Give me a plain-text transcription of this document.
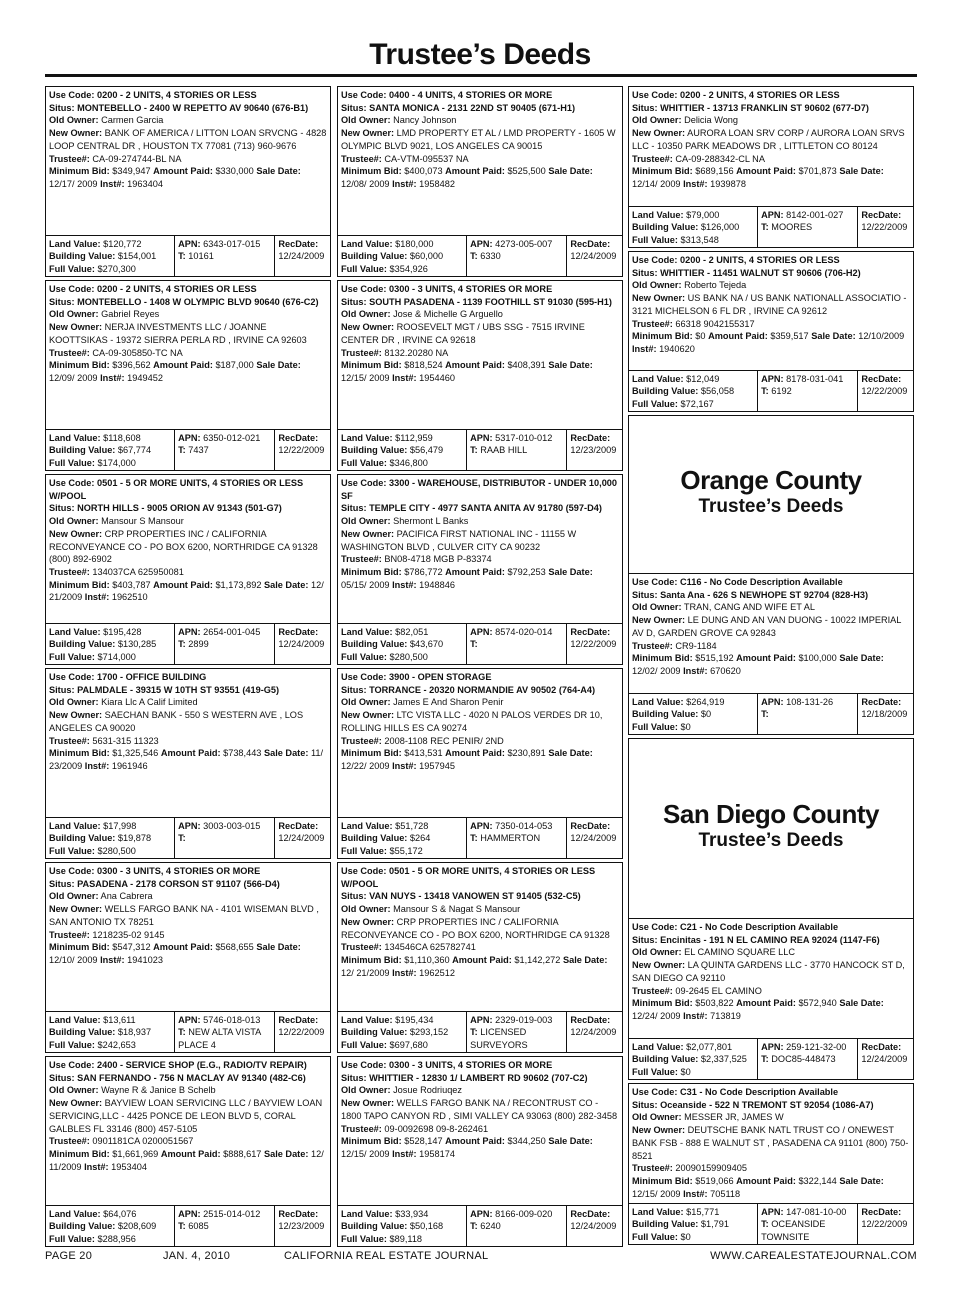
Trustee’s Deeds
Use Code: 0200 - 2 UNITS, 4 STORIES OR LESS
Situs: MONTEBELLO - 2400 W REPETTO AV 90640 (676-B1)
Old Owner: Carmen Garcia
New Owner: BANK OF AMERICA / LITTON LOAN SRVCNG - 4828 LOOP CENTRAL DR , HOUSTON TX 77081 (713) 960-9676
Trustee#: CA-09-274744-BL NA
Minimum Bid: $349,947 Amount Paid: $330,000 Sale Date: 12/17/ 2009 Inst#: 1963404
Land Value: $120,772
Building Value: $154,001
Full Value: $270,300
APN: 6343-017-015
T: 10161
RecDate:
12/24/2009
Use Code: 0200 - 2 UNITS, 4 STORIES OR LESS
Situs: MONTEBELLO - 1408 W OLYMPIC BLVD 90640 (676-C2)
Old Owner: Gabriel Reyes
New Owner: NERJA INVESTMENTS LLC / JOANNE KOOTTSIKAS - 19372 SIERRA PERLA RD , IRVINE CA 92603
Trustee#: CA-09-305850-TC NA
Minimum Bid: $396,562 Amount Paid: $187,000 Sale Date: 12/09/ 2009 Inst#: 1949452
Land Value: $118,608
Building Value: $67,774
Full Value: $174,000
APN: 6350-012-021
T: 7437
RecDate:
12/22/2009
Use Code: 0501 - 5 OR MORE UNITS, 4 STORIES OR LESS W/POOL
Situs: NORTH HILLS - 9005 ORION AV 91343 (501-G7)
Old Owner: Mansour S Mansour
New Owner: CRP PROPERTIES INC / CALIFORNIA RECONVEYANCE CO - PO BOX 6200, NORTHRIDGE CA 91328 (800) 892-6902
Trustee#: 134037CA 625950081
Minimum Bid: $403,787 Amount Paid: $1,173,892 Sale Date: 12/ 21/2009 Inst#: 1962510
Land Value: $195,428
Building Value: $130,285
Full Value: $714,000
APN: 2654-001-045
T: 2899
RecDate:
12/24/2009
Use Code: 1700 - OFFICE BUILDING
Situs: PALMDALE - 39315 W 10TH ST 93551 (419-G5)
Old Owner: Kiara Llc A Calif Limited
New Owner: SAECHAN BANK - 550 S WESTERN AVE , LOS ANGELES CA 90020
Trustee#: 5631-315 11323
Minimum Bid: $1,325,546 Amount Paid: $738,443 Sale Date: 11/ 23/2009 Inst#: 1961946
Land Value: $17,998
Building Value: $19,878
Full Value: $280,500
APN: 3003-003-015
T:
RecDate:
12/24/2009
Use Code: 0300 - 3 UNITS, 4 STORIES OR MORE
Situs: PASADENA - 2178 CORSON ST 91107 (566-D4)
Old Owner: Ana Cabrera
New Owner: WELLS FARGO BANK NA - 4101 WISEMAN BLVD , SAN ANTONIO TX 78251
Trustee#: 1218235-02 9145
Minimum Bid: $547,312 Amount Paid: $568,655 Sale Date: 12/10/ 2009 Inst#: 1941023
Land Value: $13,611
Building Value: $18,937
Full Value: $242,653
APN: 5746-018-013
T: NEW ALTA VISTA PLACE 4
RecDate:
12/22/2009
Use Code: 2400 - SERVICE SHOP (E.G., RADIO/TV REPAIR)
Situs: SAN FERNANDO - 756 N MACLAY AV 91340 (482-C6)
Old Owner: Wayne R & Janice B Schelb
New Owner: BAYVIEW LOAN SERVICING LLC / BAYVIEW LOAN SERVICING,LLC - 4425 PONCE DE LEON BLVD 5, CORAL GALBLES FL 33146 (800) 457-5105
Trustee#: 0901181CA 0200051567
Minimum Bid: $1,661,969 Amount Paid: $888,617 Sale Date: 12/ 11/2009 Inst#: 1953404
Land Value: $64,076
Building Value: $208,609
Full Value: $288,956
APN: 2515-014-012
T: 6085
RecDate:
12/23/2009
Use Code: 0400 - 4 UNITS, 4 STORIES OR MORE
Situs: SANTA MONICA - 2131 22ND ST 90405 (671-H1)
Old Owner: Nancy Johnson
New Owner: LMD PROPERTY ET AL / LMD PROPERTY - 1605 W OLYMPIC BLVD 9021, LOS ANGELES CA 90015
Trustee#: CA-VTM-095537 NA
Minimum Bid: $400,073 Amount Paid: $525,500 Sale Date: 12/08/ 2009 Inst#: 1958482
Land Value: $180,000
Building Value: $60,000
Full Value: $354,926
APN: 4273-005-007
T: 6330
RecDate:
12/24/2009
Use Code: 0300 - 3 UNITS, 4 STORIES OR MORE
Situs: SOUTH PASADENA - 1139 FOOTHILL ST 91030 (595-H1)
Old Owner: Jose & Michelle G Arguello
New Owner: ROOSEVELT MGT / UBS SSG - 7515 IRVINE CENTER DR , IRVINE CA 92618
Trustee#: 8132.20280 NA
Minimum Bid: $818,524 Amount Paid: $408,391 Sale Date: 12/15/ 2009 Inst#: 1954460
Land Value: $112,959
Building Value: $56,479
Full Value: $346,800
APN: 5317-010-012
T: RAAB HILL
RecDate:
12/23/2009
Use Code: 3300 - WAREHOUSE, DISTRIBUTOR - UNDER 10,000 SF
Situs: TEMPLE CITY - 4977 SANTA ANITA AV 91780 (597-D4)
Old Owner: Shermont L Banks
New Owner: PACIFICA FIRST NATIONAL INC - 11155 W WASHINGTON BLVD , CULVER CITY CA 90232
Trustee#: BN08-4718 MGB P-83374
Minimum Bid: $786,772 Amount Paid: $792,253 Sale Date: 05/15/ 2009 Inst#: 1948846
Land Value: $82,051
Building Value: $43,670
Full Value: $280,500
APN: 8574-020-014
T:
RecDate:
12/22/2009
Use Code: 3900 - OPEN STORAGE
Situs: TORRANCE - 20320 NORMANDIE AV 90502 (764-A4)
Old Owner: James E And Sharon Penir
New Owner: LTC VISTA LLC - 4020 N PALOS VERDES DR 10, ROLLING HILLS ES CA 90274
Trustee#: 2008-1108 REC PENIR/ 2ND
Minimum Bid: $413,531 Amount Paid: $230,891 Sale Date: 12/22/ 2009 Inst#: 1957945
Land Value: $51,728
Building Value: $264
Full Value: $55,172
APN: 7350-014-053
T: HAMMERTON
RecDate:
12/24/2009
Use Code: 0501 - 5 OR MORE UNITS, 4 STORIES OR LESS W/POOL
Situs: VAN NUYS - 13418 VANOWEN ST 91405 (532-C5)
Old Owner: Mansour S & Nagat S Mansour
New Owner: CRP PROPERTIES INC / CALIFORNIA RECONVEYANCE CO - PO BOX 6200, NORTHRIDGE CA 91328
Trustee#: 134546CA 625782741
Minimum Bid: $1,110,360 Amount Paid: $1,142,272 Sale Date: 12/ 21/2009 Inst#: 1962512
Land Value: $195,434
Building Value: $293,152
Full Value: $697,680
APN: 2329-019-003
T: LICENSED SURVEYORS
RecDate:
12/24/2009
Use Code: 0300 - 3 UNITS, 4 STORIES OR MORE
Situs: WHITTIER - 12830 1/ LAMBERT RD 90602 (707-C2)
Old Owner: Josue Rodriuqez
New Owner: WELLS FARGO BANK NA / RECONTRUST CO - 1800 TAPO CANYON RD , SIMI VALLEY CA 93063 (800) 282-3458
Trustee#: 09-0092698 09-8-262461
Minimum Bid: $528,147 Amount Paid: $344,250 Sale Date: 12/15/ 2009 Inst#: 1958174
Land Value: $33,934
Building Value: $50,168
Full Value: $89,118
APN: 8166-009-020
T: 6240
RecDate:
12/24/2009
Use Code: 0200 - 2 UNITS, 4 STORIES OR LESS
Situs: WHITTIER - 13713 FRANKLIN ST 90602 (677-D7)
Old Owner: Delicia Wong
New Owner: AURORA LOAN SRV CORP / AURORA LOAN SRVS LLC - 10350 PARK MEADOWS DR , LITTLETON CO 80124
Trustee#: CA-09-288342-CL NA
Minimum Bid: $689,156 Amount Paid: $701,873 Sale Date: 12/14/ 2009 Inst#: 1939878
Land Value: $79,000
Building Value: $126,000
Full Value: $313,548
APN: 8142-001-027
T: MOORES
RecDate:
12/22/2009
Use Code: 0200 - 2 UNITS, 4 STORIES OR LESS
Situs: WHITTIER - 11451 WALNUT ST 90606 (706-H2)
Old Owner: Roberto Tejeda
New Owner: US BANK NA / US BANK NATIONALL ASSOCIATIO - 3121 MICHELSON 6 FL DR , IRVINE CA 92612
Trustee#: 66318 9042155317
Minimum Bid: $0 Amount Paid: $359,517 Sale Date: 12/10/2009 Inst#: 1940620
Land Value: $12,049
Building Value: $56,058
Full Value: $72,167
APN: 8178-031-041
T: 6192
RecDate:
12/22/2009
Orange County
Trustee’s Deeds
Use Code: C116 - No Code Description Available
Situs: Santa Ana - 626 S NEWHOPE ST 92704 (828-H3)
Old Owner: TRAN, CANG AND WIFE ET AL
New Owner: LE DUNG AND AN VAN DUONG - 10022 IMPERIAL AV D, GARDEN GROVE CA 92843
Trustee#: CR9-1184
Minimum Bid: $515,192 Amount Paid: $100,000 Sale Date: 12/02/ 2009 Inst#: 670620
Land Value: $264,919
Building Value: $0
Full Value: $0
APN: 108-131-26
T:
RecDate:
12/18/2009
San Diego County
Trustee’s Deeds
Use Code: C21 - No Code Description Available
Situs: Encinitas - 191 N EL CAMINO REA 92024 (1147-F6)
Old Owner: EL CAMINO SQUARE LLC
New Owner: LA QUINTA GARDENS LLC - 3770 HANCOCK ST D, SAN DIEGO CA 92110
Trustee#: 09-2645 EL CAMINO
Minimum Bid: $503,822 Amount Paid: $572,940 Sale Date: 12/24/ 2009 Inst#: 713819
Land Value: $2,077,801
Building Value: $2,337,525
Full Value: $0
APN: 259-121-32-00
T: DOC85-448473
RecDate:
12/24/2009
Use Code: C31 - No Code Description Available
Situs: Oceanside - 522 N TREMONT ST 92054 (1086-A7)
Old Owner: MESSER JR, JAMES W
New Owner: DEUTSCHE BANK NATL TRUST CO / ONEWEST BANK FSB - 888 E WALNUT ST , PASADENA CA 91101 (800) 750-8521
Trustee#: 20090159909405
Minimum Bid: $519,066 Amount Paid: $322,144 Sale Date: 12/15/ 2009 Inst#: 705118
Land Value: $15,771
Building Value: $1,791
Full Value: $0
APN: 147-081-10-00
T: OCEANSIDE TOWNSITE
RecDate:
12/22/2009
PAGE 20	JAN. 4, 2010	CALIFORNIA REAL ESTATE JOURNAL	WWW.CAREALESTATEJOURNAL.COM
